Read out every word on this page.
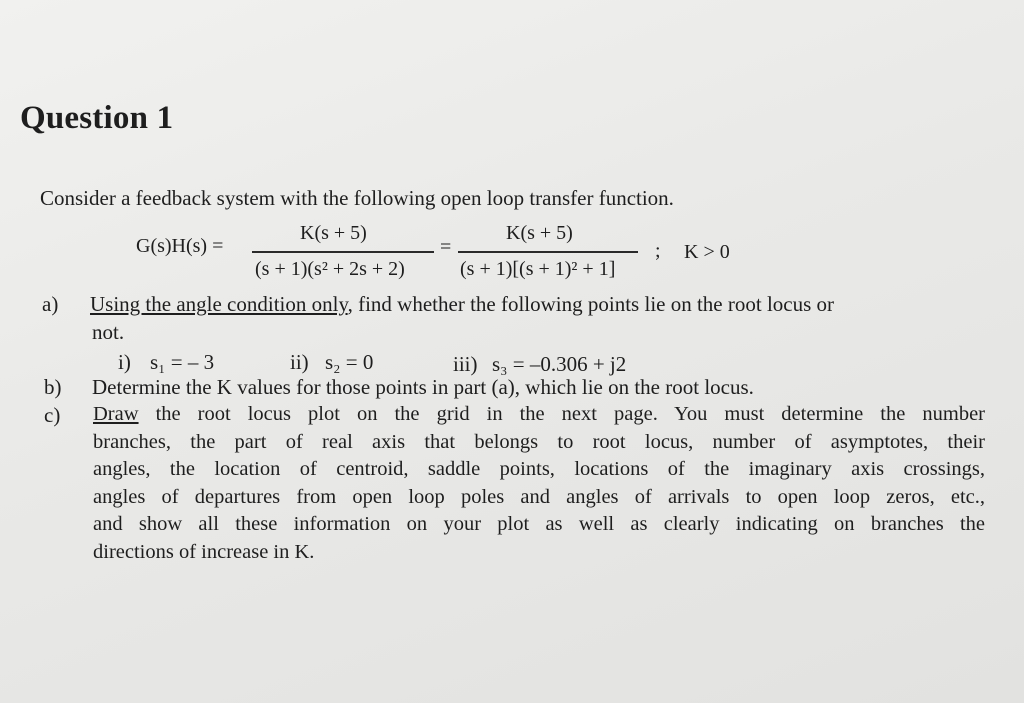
Question 1
Consider a feedback system with the following open loop transfer function.
G(s)H(s) =
K(s + 5)
(s + 1)(s² + 2s + 2)
=
K(s + 5)
(s + 1)[(s + 1)² + 1]
; K > 0
a) Using the angle condition only, find whether the following points lie on the root locus or
not.
i) s₁ = – 3	ii) s₂ = 0	iii) s₃ = –0.306 + j2
b) Determine the K values for those points in part (a), which lie on the root locus.
c) Draw the root locus plot on the grid in the next page. You must determine the number
branches, the part of real axis that belongs to root locus, number of asymptotes, their
angles, the location of centroid, saddle points, locations of the imaginary axis crossings,
angles of departures from open loop poles and angles of arrivals to open loop zeros, etc.,
and show all these information on your plot as well as clearly indicating on branches the
directions of increase in K.
